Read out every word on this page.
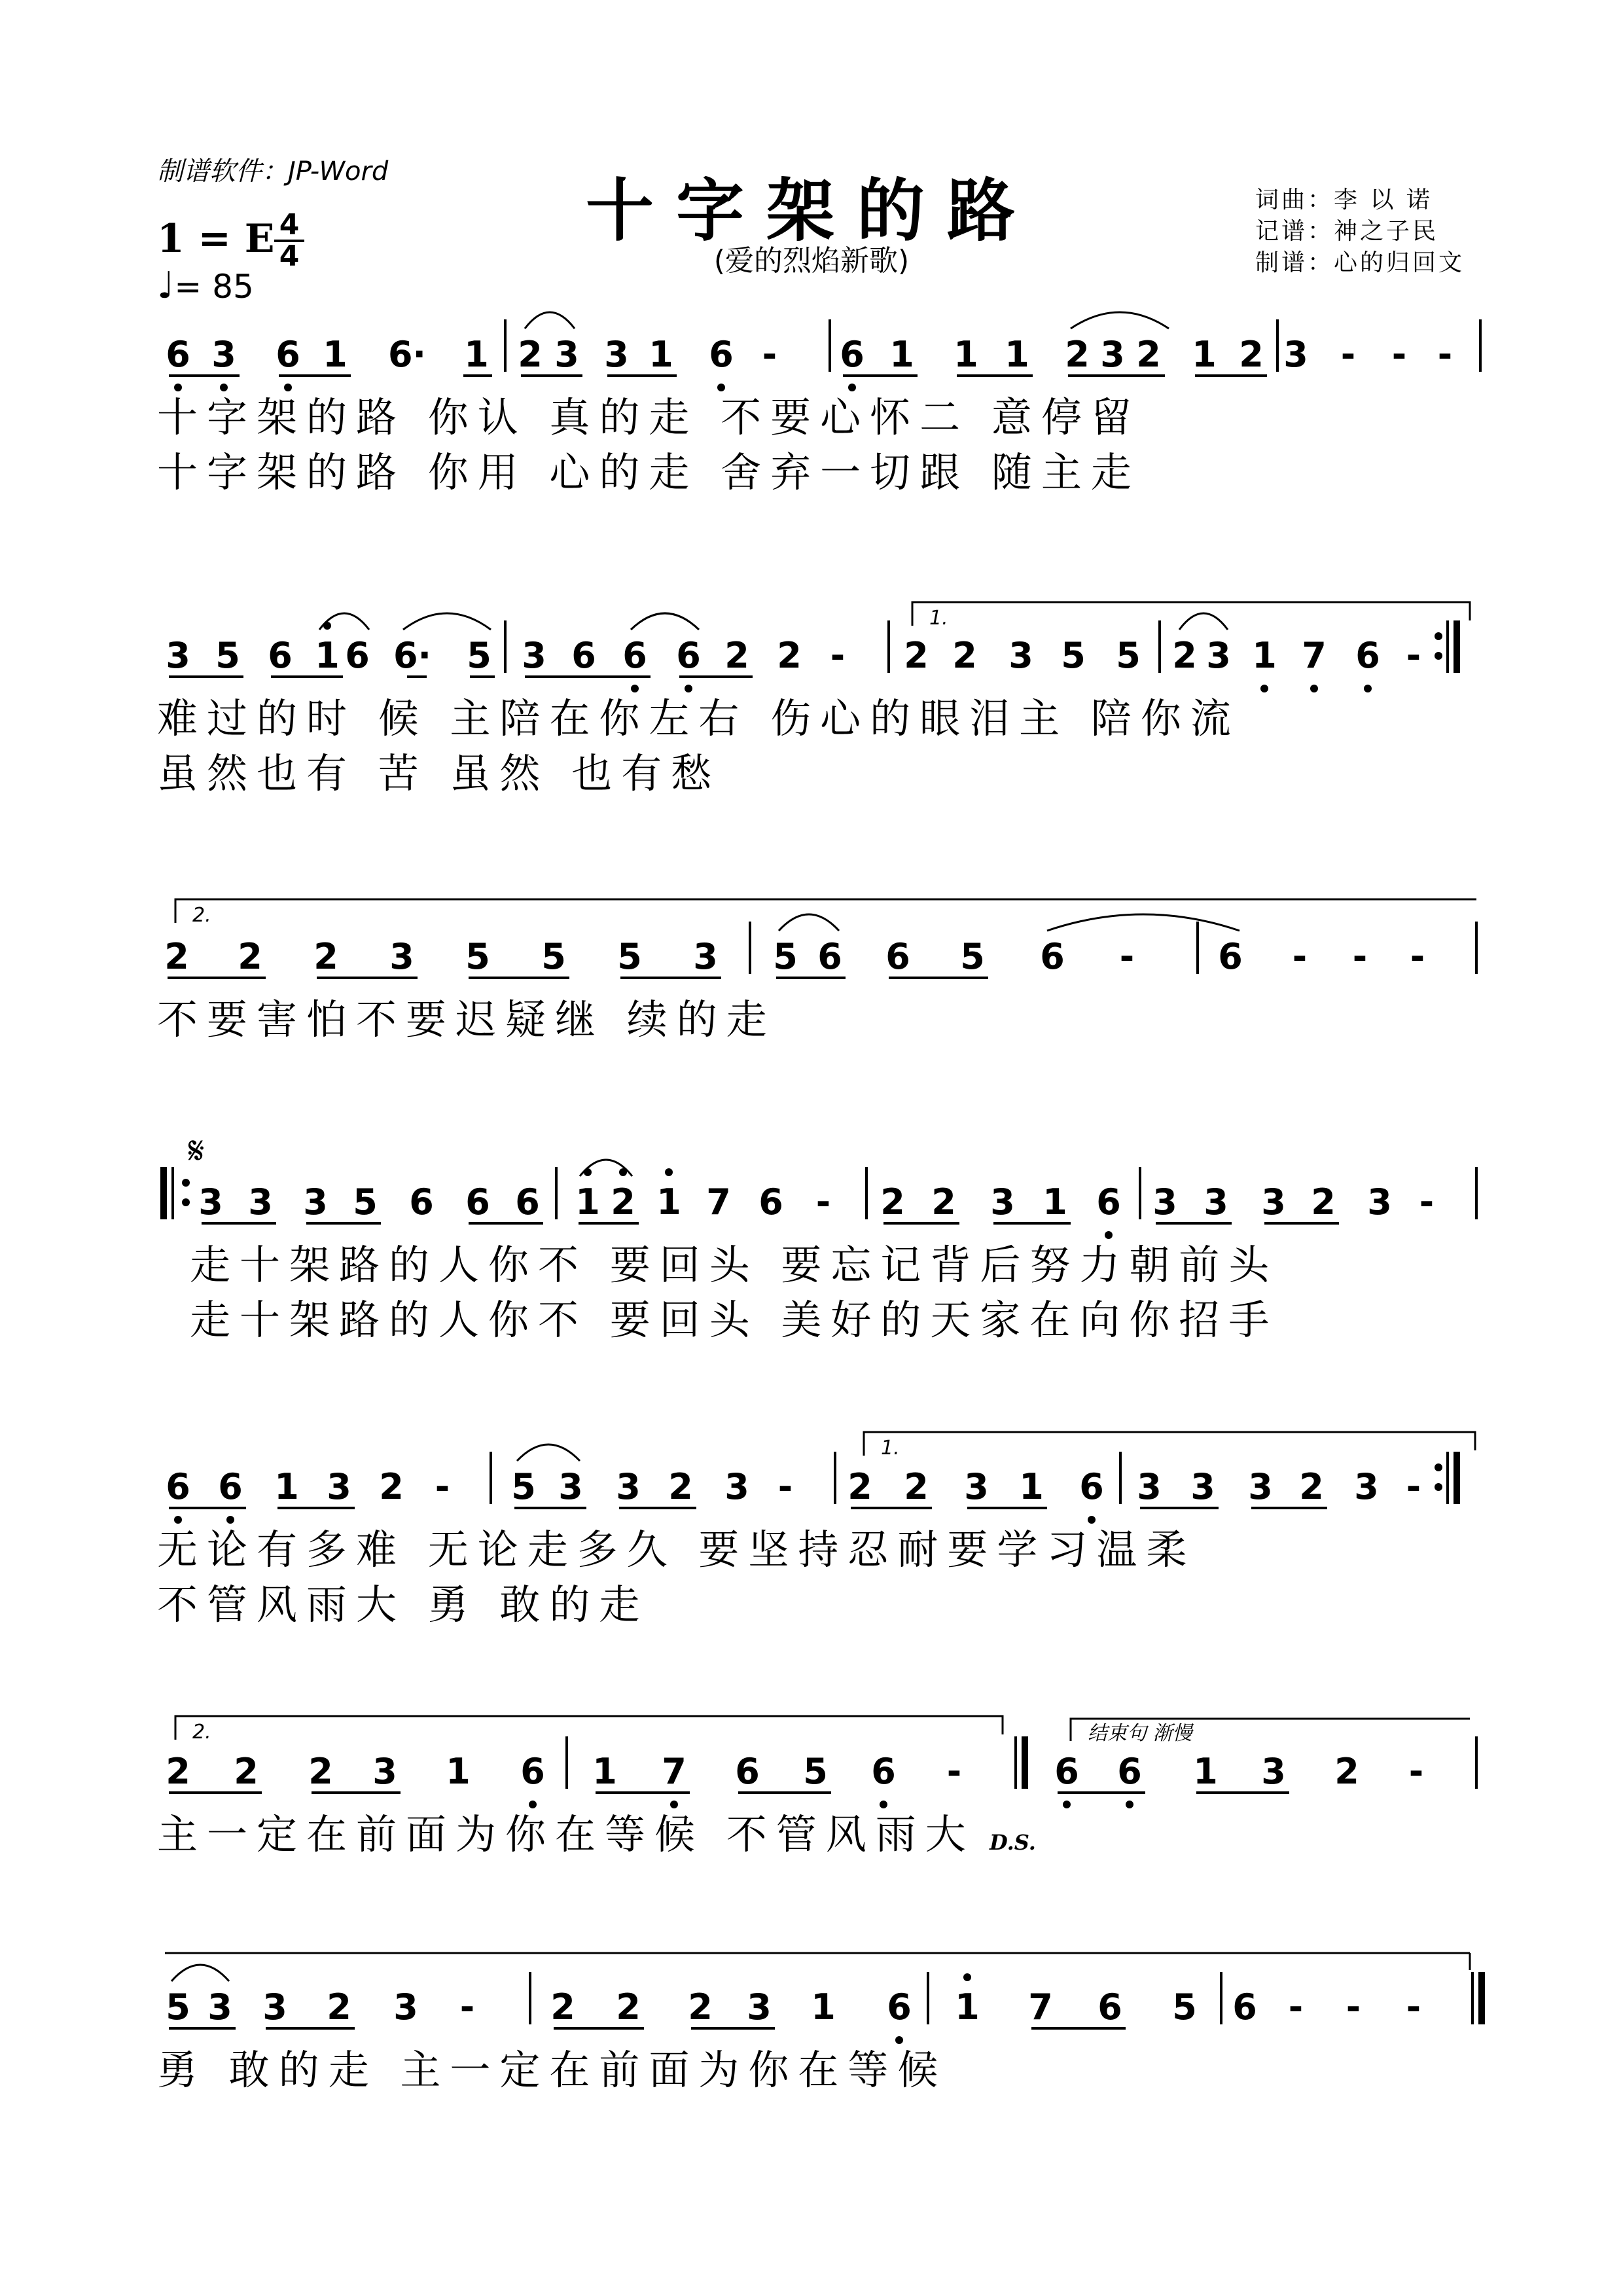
制谱软件：JP-Word	十字架的路
(爱的烈焰新歌)
词曲：李 以 诺
记谱：神之子民
制谱：心的归回文
1 = E 4
4
♩= 85
6 3 6 1 6· 1 2 3 3 1 6 - 6 1 1 1 2 3 2 1 2 3 - - -
3 5 6 1 6 6· 5 3 6 6 6 2 2 - 2 2 3 5 5 2 3 1 7 6 -
2 2 2 3 5 5 5 3 5 6 6 5 6 - 6 - - -
3 3 3 5 6 6 6 1 2 1 7 6 - 2 2 3 1 6 3 3 3 2 3 -
6 6 1 3 2 - 5 3 3 2 3 - 2 2 3 1 6 3 3 3 2 3 -
2 2 2 3 1 6 1 7 6 5 6 -	6 6 1 3 2 -
5 3 3 2 3 - 2 2 2 3 1 6 1 7 6 5 6 - - -
1.
2.
1.
2.	结束句 渐慢
𝄋
D.S.
十字架的路 你认 真的走 不要心怀二 意停留
十字架的路 你用 心的走 舍弃一切跟 随主走
难过的时 候 主陪在你左右 伤心的眼泪主 陪你流
虽然也有 苦 虽然 也有愁
不要害怕不要迟疑继 续的走
走十架路的人你不 要回头 要忘记背后努力朝前头
走十架路的人你不 要回头 美好的天家在向你招手
无论有多难 无论走多久 要坚持忍耐要学习温柔
不管风雨大 勇 敢的走
主一定在前面为你在等候 不管风雨大
勇 敢的走 主一定在前面为你在等候
